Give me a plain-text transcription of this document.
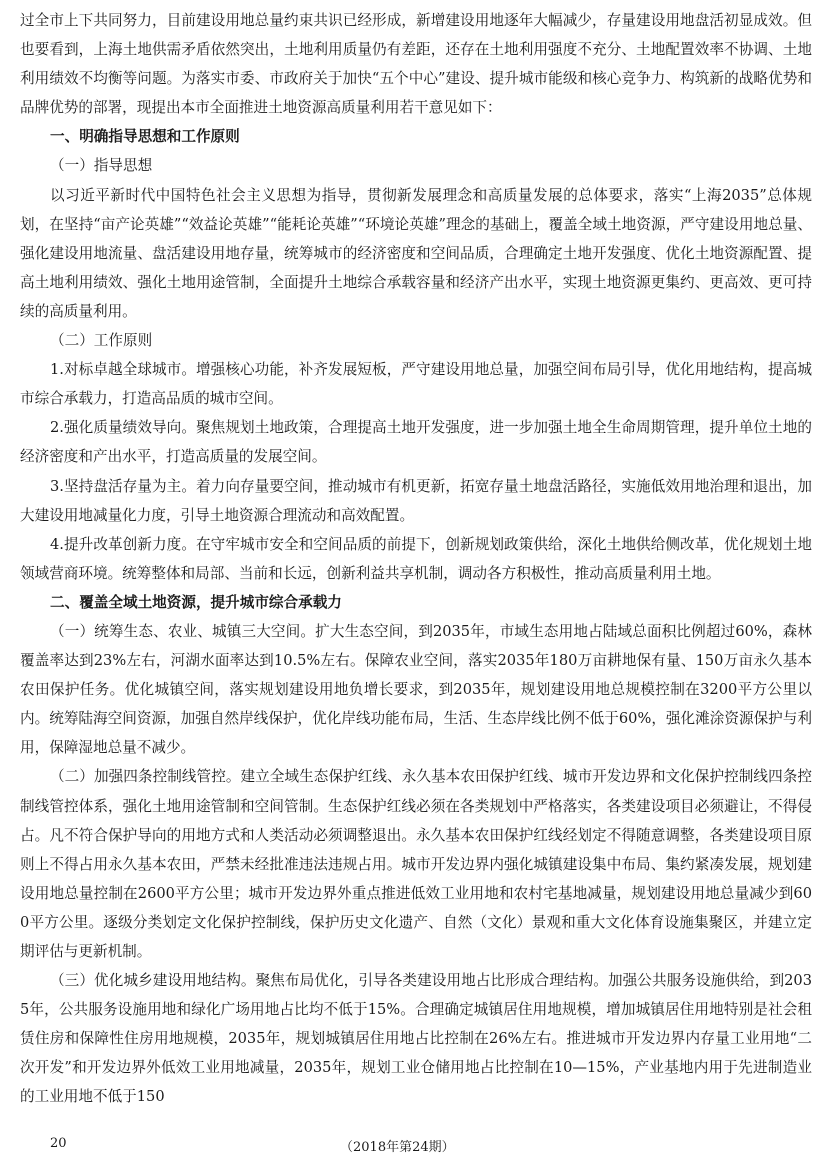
过全市上下共同努力，目前建设用地总量约束共识已经形成，新增建设用地逐年大幅减少，存量建设用地盘活初显成效。但也要看到，上海土地供需矛盾依然突出，土地利用质量仍有差距，还存在土地利用强度不充分、土地配置效率不协调、土地利用绩效不均衡等问题。为落实市委、市政府关于加快“五个中心”建设、提升城市能级和核心竞争力、构筑新的战略优势和品牌优势的部署，现提出本市全面推进土地资源高质量利用若干意见如下：

一、明确指导思想和工作原则

（一）指导思想

以习近平新时代中国特色社会主义思想为指导，贯彻新发展理念和高质量发展的总体要求，落实“上海2035”总体规划，在坚持“亩产论英雄”“效益论英雄”“能耗论英雄”“环境论英雄”理念的基础上，覆盖全域土地资源，严守建设用地总量、强化建设用地流量、盘活建设用地存量，统筹城市的经济密度和空间品质，合理确定土地开发强度、优化土地资源配置、提高土地利用绩效、强化土地用途管制，全面提升土地综合承载容量和经济产出水平，实现土地资源更集约、更高效、更可持续的高质量利用。

（二）工作原则

1.对标卓越全球城市。增强核心功能，补齐发展短板，严守建设用地总量，加强空间布局引导，优化用地结构，提高城市综合承载力，打造高品质的城市空间。

2.强化质量绩效导向。聚焦规划土地政策，合理提高土地开发强度，进一步加强土地全生命周期管理，提升单位土地的经济密度和产出水平，打造高质量的发展空间。

3.坚持盘活存量为主。着力向存量要空间，推动城市有机更新，拓宽存量土地盘活路径，实施低效用地治理和退出，加大建设用地减量化力度，引导土地资源合理流动和高效配置。

4.提升改革创新力度。在守牢城市安全和空间品质的前提下，创新规划政策供给，深化土地供给侧改革，优化规划土地领域营商环境。统筹整体和局部、当前和长远，创新利益共享机制，调动各方积极性，推动高质量利用土地。

二、覆盖全域土地资源，提升城市综合承载力

（一）统筹生态、农业、城镇三大空间。扩大生态空间，到2035年，市域生态用地占陆域总面积比例超过60%，森林覆盖率达到23%左右，河湖水面率达到10.5%左右。保障农业空间，落实2035年180万亩耕地保有量、150万亩永久基本农田保护任务。优化城镇空间，落实规划建设用地负增长要求，到2035年，规划建设用地总规模控制在3200平方公里以内。统筹陆海空间资源，加强自然岸线保护，优化岸线功能布局，生活、生态岸线比例不低于60%，强化滩涂资源保护与利用，保障湿地总量不减少。

（二）加强四条控制线管控。建立全域生态保护红线、永久基本农田保护红线、城市开发边界和文化保护控制线四条控制线管控体系，强化土地用途管制和空间管制。生态保护红线必须在各类规划中严格落实，各类建设项目必须避让，不得侵占。凡不符合保护导向的用地方式和人类活动必须调整退出。永久基本农田保护红线经划定不得随意调整，各类建设项目原则上不得占用永久基本农田，严禁未经批准违法违规占用。城市开发边界内强化城镇建设集中布局、集约紧凑发展，规划建设用地总量控制在2600平方公里；城市开发边界外重点推进低效工业用地和农村宅基地减量，规划建设用地总量减少到600平方公里。逐级分类划定文化保护控制线，保护历史文化遗产、自然（文化）景观和重大文化体育设施集聚区，并建立定期评估与更新机制。

（三）优化城乡建设用地结构。聚焦布局优化，引导各类建设用地占比形成合理结构。加强公共服务设施供给，到2035年，公共服务设施用地和绿化广场用地占比均不低于15%。合理确定城镇居住用地规模，增加城镇居住用地特别是社会租赁住房和保障性住房用地规模，2035年，规划城镇居住用地占比控制在26%左右。推进城市开发边界内存量工业用地“二次开发”和开发边界外低效工业用地减量，2035年，规划工业仓储用地占比控制在10—15%，产业基地内用于先进制造业的工业用地不低于150

20	（2018年第24期）
